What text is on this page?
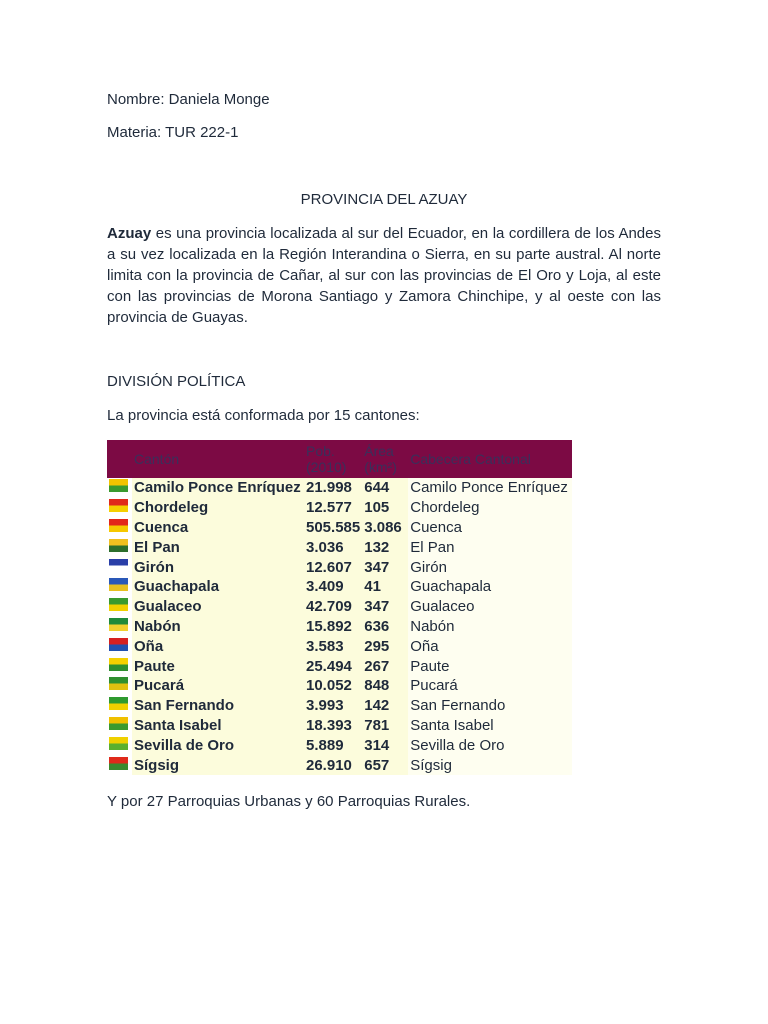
Nombre: Daniela Monge
Materia: TUR 222-1
PROVINCIA DEL AZUAY

Azuay es una provincia localizada al sur del Ecuador, en la cordillera de los Andes a su vez localizada en la Región Interandina o Sierra, en su parte austral. Al norte limita con la provincia de Cañar, al sur con las provincias de El Oro y Loja, al este con las provincias de Morona Santiago y Zamora Chinchipe, y al oeste con las provincia de Guayas.

DIVISIÓN POLÍTICA
La provincia está conformada por 15 cantones:
	Cantón	Pob. (2010)	Área (km²)	Cabecera Cantonal

	Camilo Ponce Enríquez	21.998	644	Camilo Ponce Enríquez

	Chordeleg	12.577	105	Chordeleg

	Cuenca	505.585	3.086	Cuenca

	El Pan	3.036	132	El Pan

	Girón	12.607	347	Girón

	Guachapala	3.409	41	Guachapala

	Gualaceo	42.709	347	Gualaceo

	Nabón	15.892	636	Nabón

	Oña	3.583	295	Oña

	Paute	25.494	267	Paute

	Pucará	10.052	848	Pucará

	San Fernando	3.993	142	San Fernando

	Santa Isabel	18.393	781	Santa Isabel

	Sevilla de Oro	5.889	314	Sevilla de Oro

	Sígsig	26.910	657	Sígsig
Y por 27 Parroquias Urbanas y 60 Parroquias Rurales.
